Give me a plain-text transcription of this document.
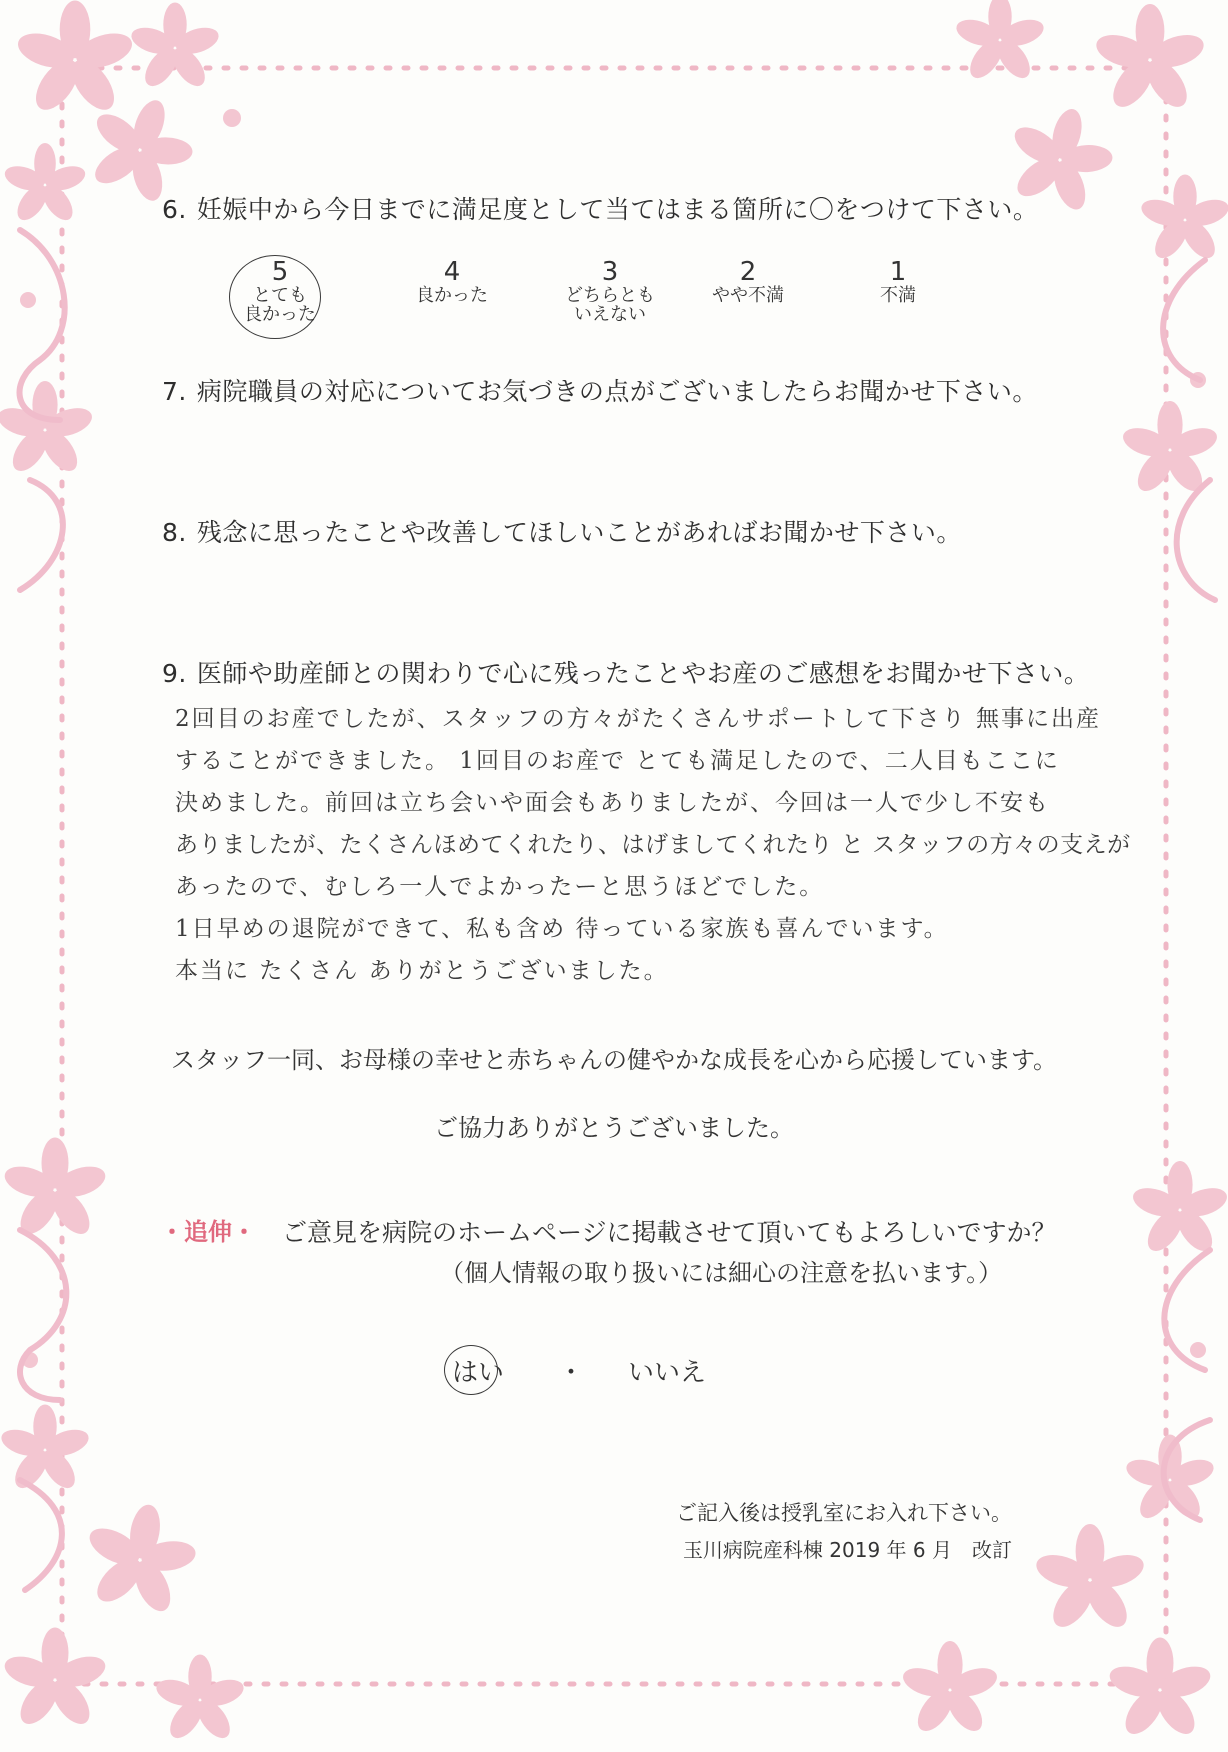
6. 妊娠中から今日までに満足度として当てはまる箇所に〇をつけて下さい。
5
とても
良かった
4
良かった
3
どちらとも
いえない
2
やや不満
1
不満
7. 病院職員の対応についてお気づきの点がございましたらお聞かせ下さい。
8. 残念に思ったことや改善してほしいことがあればお聞かせ下さい。
9. 医師や助産師との関わりで心に残ったことやお産のご感想をお聞かせ下さい。
2回目のお産でしたが、スタッフの方々がたくさんサポートして下さり 無事に出産
することができました。 1回目のお産で とても満足したので、二人目もここに
決めました。前回は立ち会いや面会もありましたが、今回は一人で少し不安も
ありましたが、たくさんほめてくれたり、はげましてくれたり と スタッフの方々の支えが
あったので、むしろ一人でよかったーと思うほどでした。
1日早めの退院ができて、私も含め 待っている家族も喜んでいます。
本当に たくさん ありがとうございました。
スタッフ一同、お母様の幸せと赤ちゃんの健やかな成長を心から応援しています。
ご協力ありがとうございました。
・追伸・ ご意見を病院のホームページに掲載させて頂いてもよろしいですか？
（個人情報の取り扱いには細心の注意を払います。）
はい ・ いいえ
ご記入後は授乳室にお入れ下さい。
玉川病院産科棟 2019 年 6 月　改訂
